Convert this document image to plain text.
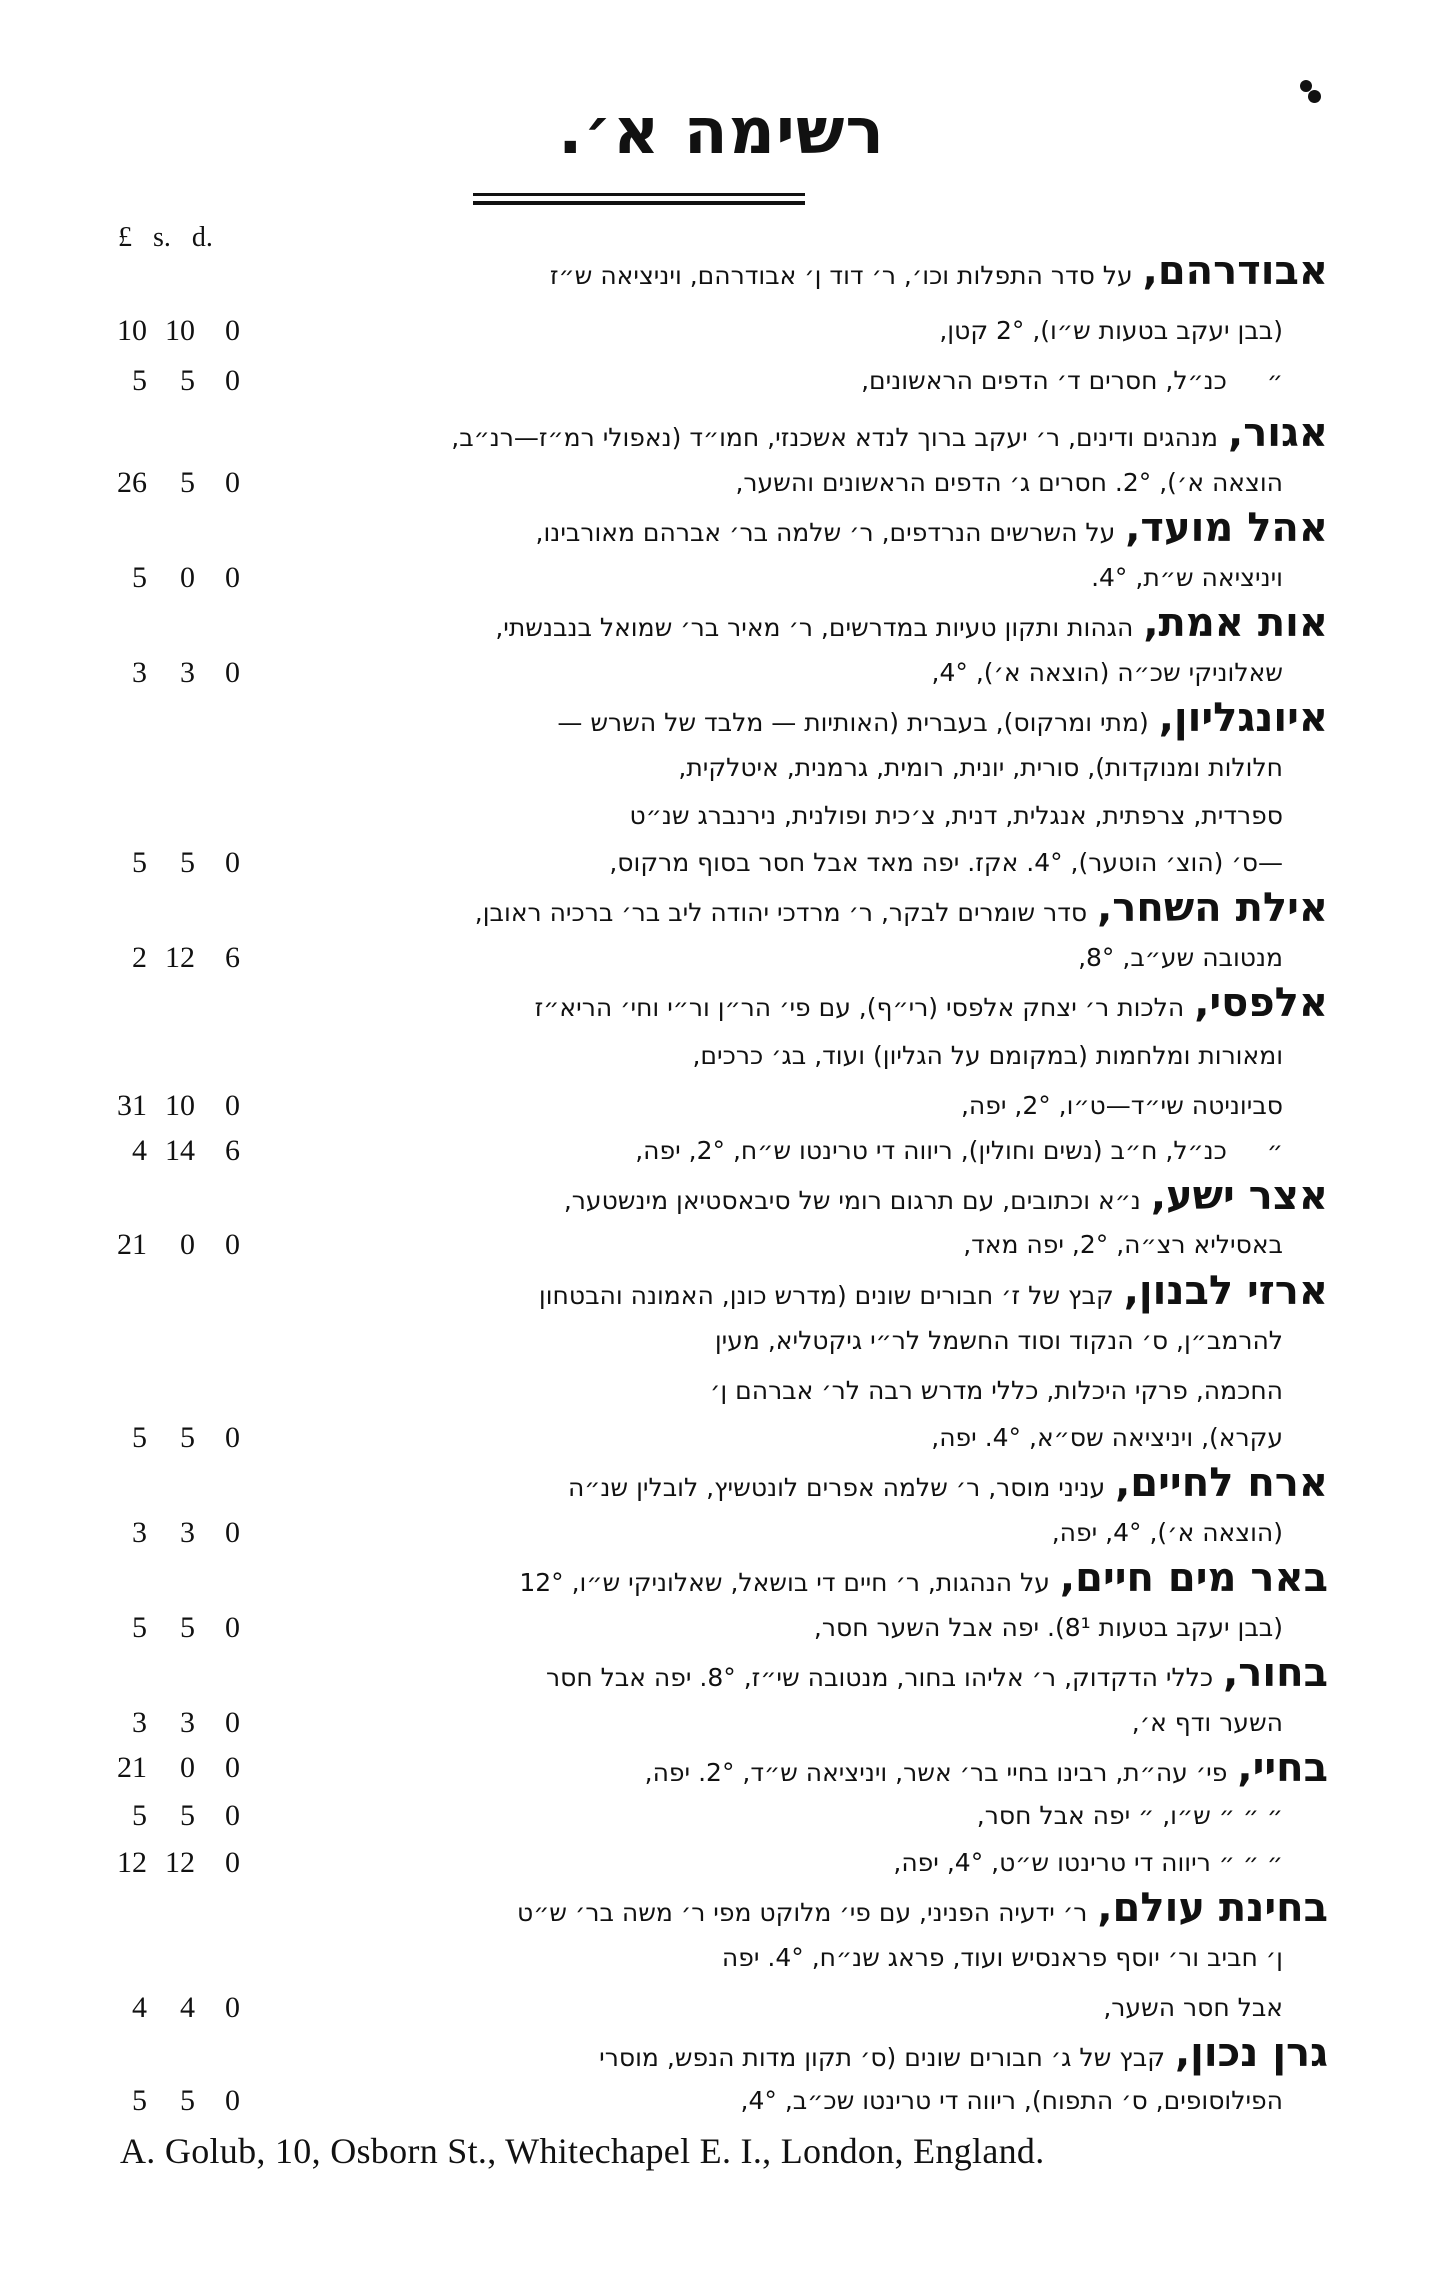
רשימה א׳.
£ s. d.
אבודרהם,על סדר התפלות וכו׳, ר׳ דוד ן׳ אבודרהם, ויניציאה ש״ז
(בבן יעקב בטעות ש״ו), 2° קטן,
10 10	0
״כנ״ל, חסרים ד׳ הדפים הראשונים,
5	5	0
אגור,מנהגים ודינים, ר׳ יעקב ברוך לנדא אשכנזי, חמו״ד (נאפולי רמ״ז—רנ״ב,
הוצאה א׳), 2°. חסרים ג׳ הדפים הראשונים והשער,
26	5	0
אהל מועד,על השרשים הנרדפים, ר׳ שלמה בר׳ אברהם מאורבינו,
ויניציאה ש״ת, 4°.
5	0	0
אות אמת,הגהות ותקון טעיות במדרשים, ר׳ מאיר בר׳ שמואל בנבנשתי,
שאלוניקי שכ״ה (הוצאה א׳), 4°,
3	3	0
איונגליון,(מתי ומרקוס), בעברית (האותיות — מלבד של השרש —
חלולות ומנוקדות), סורית, יונית, רומית, גרמנית, איטלקית,
ספרדית, צרפתית, אנגלית, דנית, צ׳כית ופולנית, נירנברג שנ״ט
—ס׳ (הוצ׳ הוטער), 4°. אקז. יפה מאד אבל חסר בסוף מרקוס,
5	5	0
אילת השחר,סדר שומרים לבקר, ר׳ מרדכי יהודה ליב בר׳ ברכיה ראובן,
מנטובה שע״ב, 8°,
2 12	6
אלפסי,הלכות ר׳ יצחק אלפסי (רי״ף), עם פי׳ הר״ן ור״י וחי׳ הריא״ז
ומאורות ומלחמות (במקומם על הגליון) ועוד, בג׳ כרכים,
סביוניטה שי״ד—ט״ו, 2°, יפה,
31 10	0
״כנ״ל, ח״ב (נשים וחולין), ריווה די טרינטו ש״ח, 2°, יפה,
4 14	6
אצר ישע,נ״א וכתובים, עם תרגום רומי של סיבאסטיאן מינשטער,
באסיליא רצ״ה, 2°, יפה מאד,
21	0	0
ארזי לבנון,קבץ של ז׳ חבורים שונים (מדרש כונן, האמונה והבטחון
להרמב״ן, ס׳ הנקוד וסוד החשמל לר״י גיקטליא, מעין
החכמה, פרקי היכלות, כללי מדרש רבה לר׳ אברהם ן׳
עקרא), ויניציאה שס״א, 4°. יפה,
5	5	0
ארח לחיים,עניני מוסר, ר׳ שלמה אפרים לונטשיץ, לובלין שנ״ה
(הוצאה א׳), 4°, יפה,
3	3	0
באר מים חיים,על הנהגות, ר׳ חיים די בושאל, שאלוניקי ש״ו, 12°
(בבן יעקב בטעות 8¹). יפה אבל השער חסר,
5	5	0
בחור,כללי הדקדוק, ר׳ אליהו בחור, מנטובה שי״ז, 8°. יפה אבל חסר
השער ודף א׳,
3	3	0
בחיי,פי׳ עה״ת, רבינו בחיי בר׳ אשר, ויניציאה ש״ד, 2°. יפה,
21	0	0
״ ״ ״ ש״ו, ״ יפה אבל חסר,
5	5	0
״ ״ ״ ריווה די טרינטו ש״ט, 4°, יפה,
12 12	0
בחינת עולם,ר׳ ידעיה הפניני, עם פי׳ מלוקט מפי ר׳ משה בר׳ ש״ט
ן׳ חביב ור׳ יוסף פראנסיש ועוד, פראג שנ״ח, 4°. יפה
אבל חסר השער,
4	4	0
גרן נכון,קבץ של ג׳ חבורים שונים (ס׳ תקון מדות הנפש, מוסרי
הפילוסופים, ס׳ התפוח), ריווה די טרינטו שכ״ב, 4°,
5	5	0
A. Golub, 10, Osborn St., Whitechapel E. I., London, England.
